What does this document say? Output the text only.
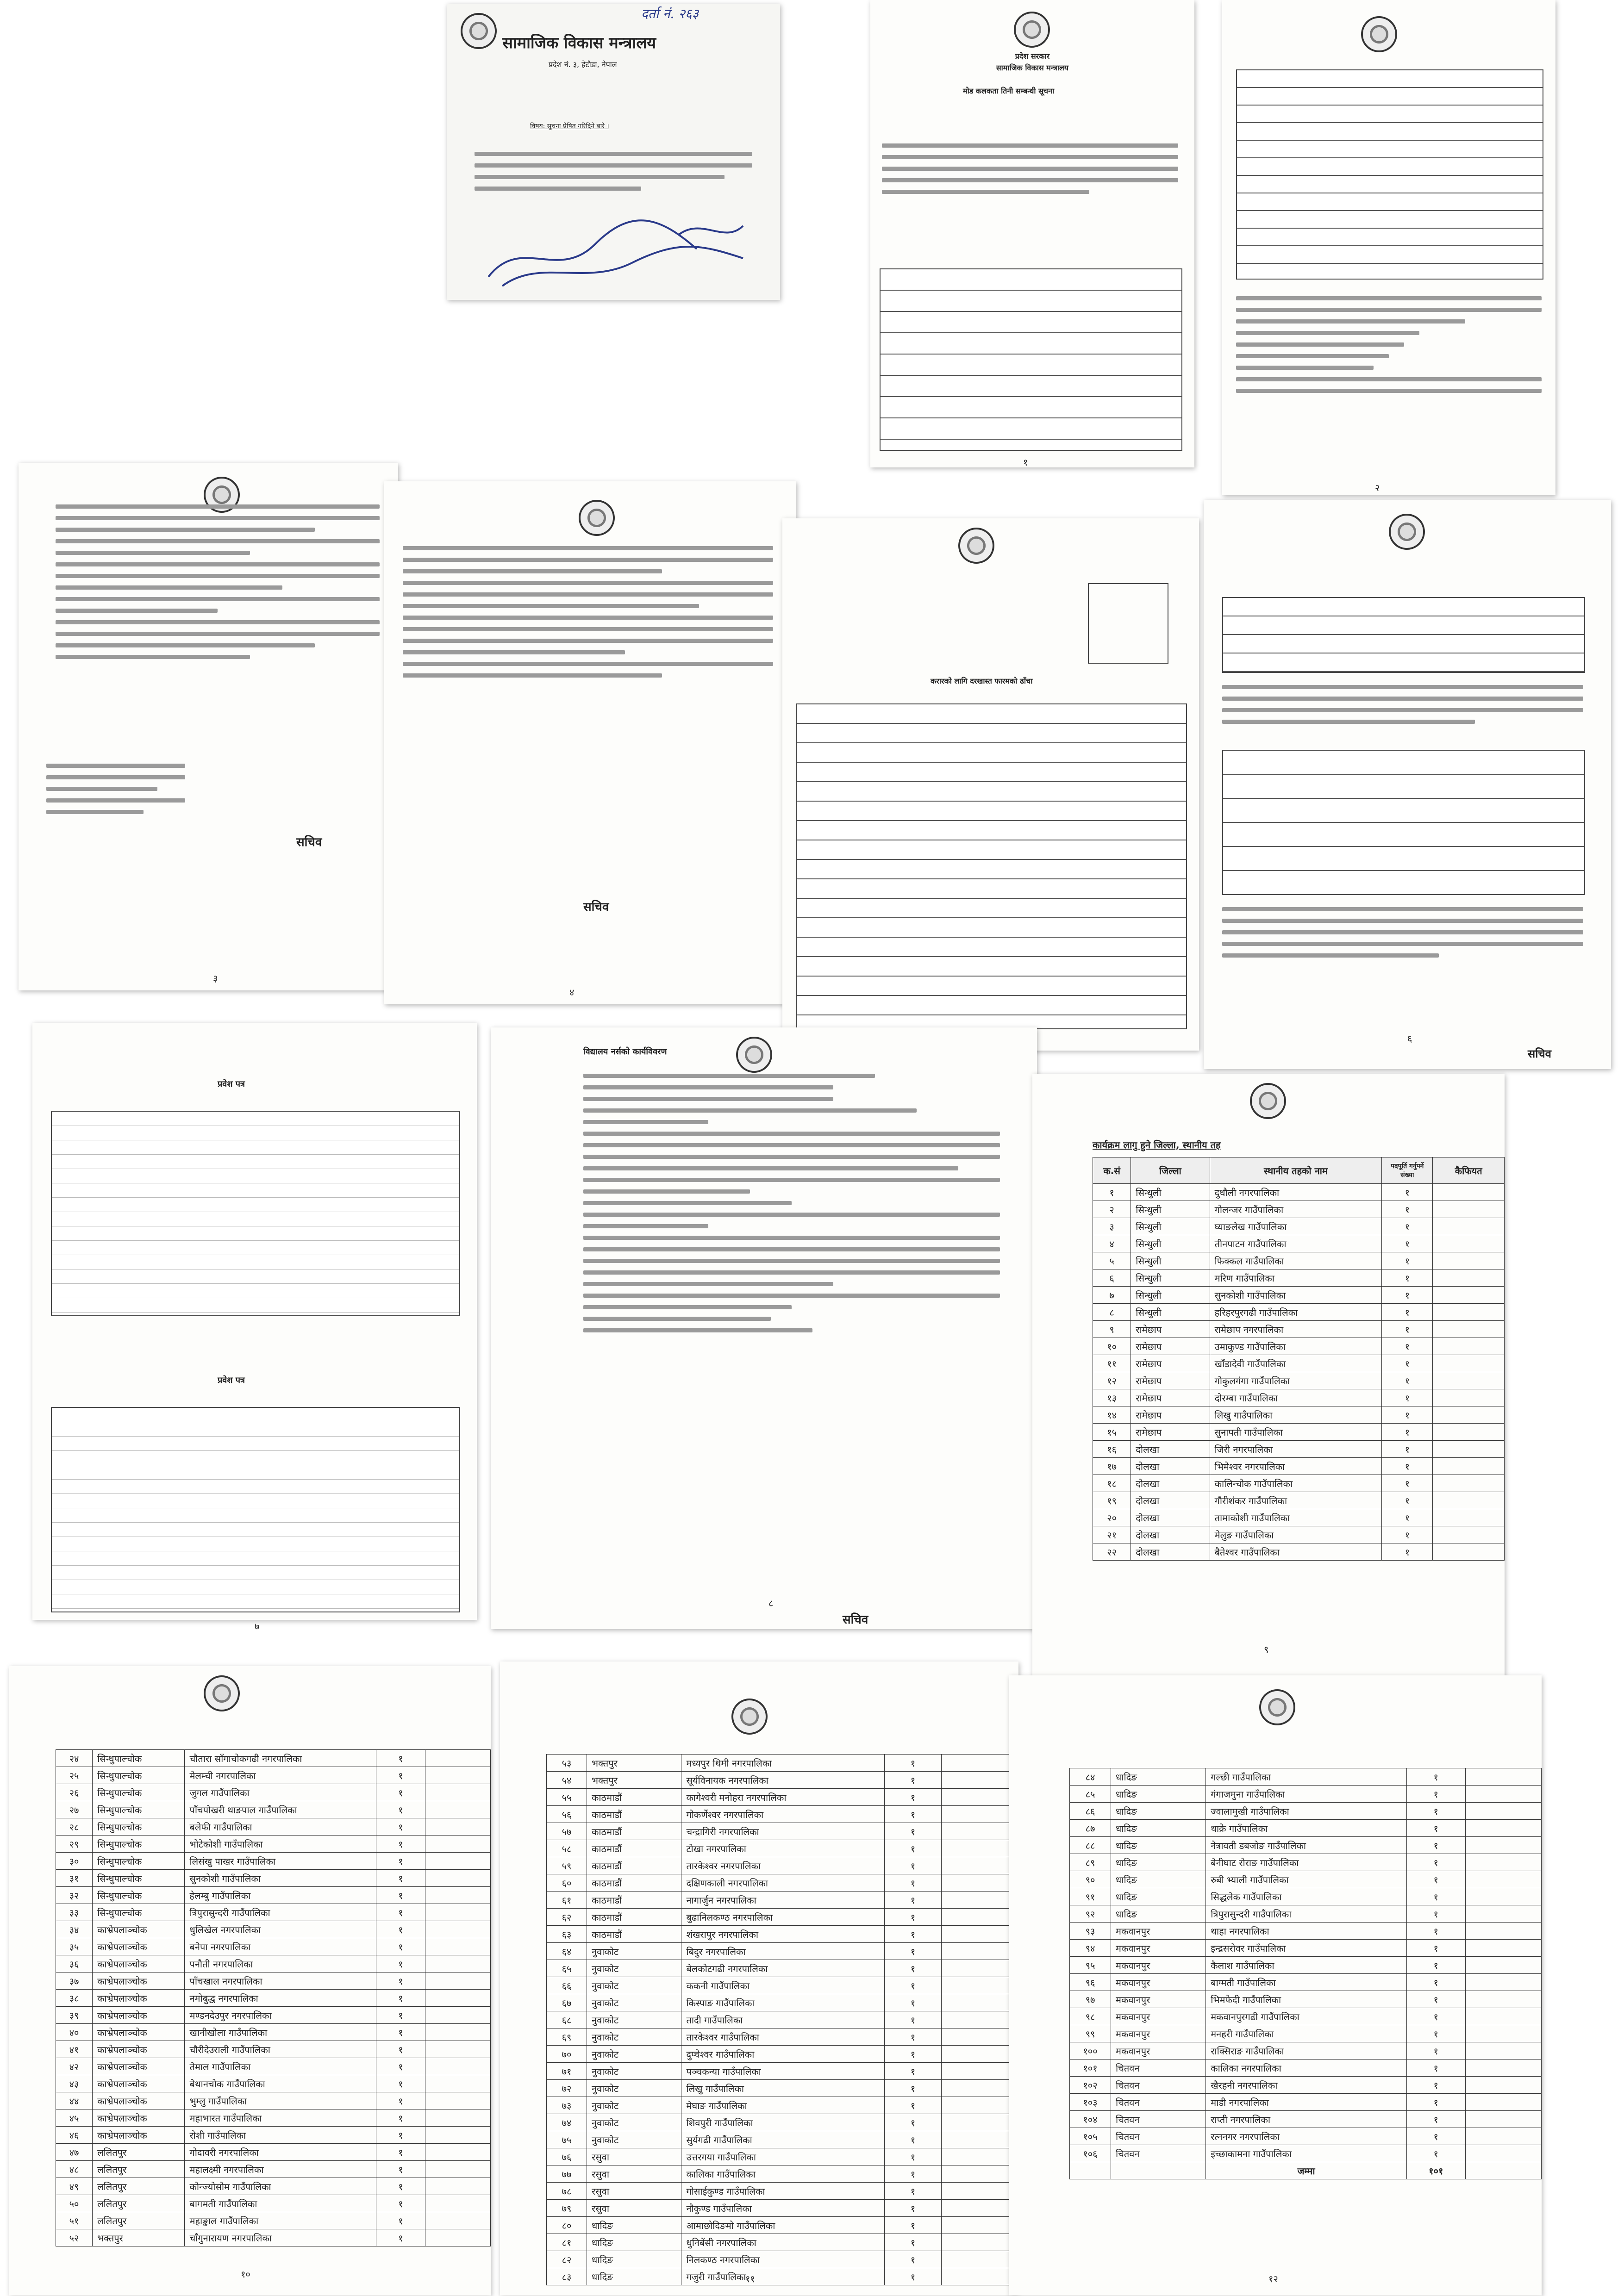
सामाजिक विकास मन्त्रालय
प्रदेश नं. ३, हेटौडा, नेपाल
दर्ता नं. २६३
विषय: सूचना प्रेषित गरिदिने बारे ।
प्रदेश सरकार
सामाजिक विकास मन्त्रालय
मोड कलकता तिनी सम्बन्धी सूचना
१
२
सचिव
३
सचिव
४
करारको लागि दरखास्त फारमको ढाँचा
सचिव
६
प्रवेश पत्र
प्रवेश पत्र
७
विद्यालय नर्सको कार्यविवरण
सचिव
८
कार्यक्रम लागु हुने जिल्ला, स्थानीय तह
क.सं	जिल्ला	स्थानीय तहको नाम	पदपूर्ति गर्नुपर्ने संख्या	कैफियत
१	सिन्धुली	दुधौली नगरपालिका	१	
२	सिन्धुली	गोलन्जर गाउँपालिका	१	
३	सिन्धुली	घ्याङलेख गाउँपालिका	१	
४	सिन्धुली	तीनपाटन गाउँपालिका	१	
५	सिन्धुली	फिक्कल गाउँपालिका	१	
६	सिन्धुली	मरिण गाउँपालिका	१	
७	सिन्धुली	सुनकोशी गाउँपालिका	१	
८	सिन्धुली	हरिहरपुरगढी गाउँपालिका	१	
९	रामेछाप	रामेछाप नगरपालिका	१	
१०	रामेछाप	उमाकुण्ड गाउँपालिका	१	
११	रामेछाप	खाँडादेवी गाउँपालिका	१	
१२	रामेछाप	गोकुलगंगा गाउँपालिका	१	
१३	रामेछाप	दोरम्बा गाउँपालिका	१	
१४	रामेछाप	लिखु गाउँपालिका	१	
१५	रामेछाप	सुनापती गाउँपालिका	१	
१६	दोलखा	जिरी नगरपालिका	१	
१७	दोलखा	भिमेश्वर नगरपालिका	१	
१८	दोलखा	कालिन्चोक गाउँपालिका	१	
१९	दोलखा	गौरीशंकर गाउँपालिका	१	
२०	दोलखा	तामाकोशी गाउँपालिका	१	
२१	दोलखा	मेलुङ गाउँपालिका	१	
२२	दोलखा	बैतेश्वर गाउँपालिका	१	
९
२४	सिन्धुपाल्चोक	चौतारा साँगाचोकगढी नगरपालिका	१	
२५	सिन्धुपाल्चोक	मेलम्ची नगरपालिका	१	
२६	सिन्धुपाल्चोक	जुगल गाउँपालिका	१	
२७	सिन्धुपाल्चोक	पाँचपोखरी थाङपाल गाउँपालिका	१	
२८	सिन्धुपाल्चोक	बलेफी गाउँपालिका	१	
२९	सिन्धुपाल्चोक	भोटेकोशी गाउँपालिका	१	
३०	सिन्धुपाल्चोक	लिसंखु पाखर गाउँपालिका	१	
३१	सिन्धुपाल्चोक	सुनकोशी गाउँपालिका	१	
३२	सिन्धुपाल्चोक	हेलम्बु गाउँपालिका	१	
३३	सिन्धुपाल्चोक	त्रिपुरासुन्दरी गाउँपालिका	१	
३४	काभ्रेपलाञ्चोक	धुलिखेल नगरपालिका	१	
३५	काभ्रेपलाञ्चोक	बनेपा नगरपालिका	१	
३६	काभ्रेपलाञ्चोक	पनौती नगरपालिका	१	
३७	काभ्रेपलाञ्चोक	पाँचखाल नगरपालिका	१	
३८	काभ्रेपलाञ्चोक	नमोबुद्ध नगरपालिका	१	
३९	काभ्रेपलाञ्चोक	मण्डनदेउपुर नगरपालिका	१	
४०	काभ्रेपलाञ्चोक	खानीखोला गाउँपालिका	१	
४१	काभ्रेपलाञ्चोक	चौरीदेउराली गाउँपालिका	१	
४२	काभ्रेपलाञ्चोक	तेमाल गाउँपालिका	१	
४३	काभ्रेपलाञ्चोक	बेथानचोक गाउँपालिका	१	
४४	काभ्रेपलाञ्चोक	भुम्लु गाउँपालिका	१	
४५	काभ्रेपलाञ्चोक	महाभारत गाउँपालिका	१	
४६	काभ्रेपलाञ्चोक	रोशी गाउँपालिका	१	
४७	ललितपुर	गोदावरी नगरपालिका	१	
४८	ललितपुर	महालक्ष्मी नगरपालिका	१	
४९	ललितपुर	कोन्ज्योसोम गाउँपालिका	१	
५०	ललितपुर	बागमती गाउँपालिका	१	
५१	ललितपुर	महाङ्काल गाउँपालिका	१	
५२	भक्तपुर	चाँगुनारायण नगरपालिका	१	
१०
५३	भक्तपुर	मध्यपुर थिमी नगरपालिका	१	
५४	भक्तपुर	सूर्यविनायक नगरपालिका	१	
५५	काठमाडौं	कागेश्वरी मनोहरा नगरपालिका	१	
५६	काठमाडौं	गोकर्णेश्वर नगरपालिका	१	
५७	काठमाडौं	चन्द्रागिरी नगरपालिका	१	
५८	काठमाडौं	टोखा नगरपालिका	१	
५९	काठमाडौं	तारकेश्वर नगरपालिका	१	
६०	काठमाडौं	दक्षिणकाली नगरपालिका	१	
६१	काठमाडौं	नागार्जुन नगरपालिका	१	
६२	काठमाडौं	बुढानिलकण्ठ नगरपालिका	१	
६३	काठमाडौं	शंखरापुर नगरपालिका	१	
६४	नुवाकोट	बिदुर नगरपालिका	१	
६५	नुवाकोट	बेलकोटगढी नगरपालिका	१	
६६	नुवाकोट	ककनी गाउँपालिका	१	
६७	नुवाकोट	किस्पाङ गाउँपालिका	१	
६८	नुवाकोट	तादी गाउँपालिका	१	
६९	नुवाकोट	तारकेश्वर गाउँपालिका	१	
७०	नुवाकोट	दुप्चेश्वर गाउँपालिका	१	
७१	नुवाकोट	पञ्चकन्या गाउँपालिका	१	
७२	नुवाकोट	लिखु गाउँपालिका	१	
७३	नुवाकोट	मेघाङ गाउँपालिका	१	
७४	नुवाकोट	शिवपुरी गाउँपालिका	१	
७५	नुवाकोट	सुर्यगढी गाउँपालिका	१	
७६	रसुवा	उत्तरगया गाउँपालिका	१	
७७	रसुवा	कालिका गाउँपालिका	१	
७८	रसुवा	गोसाईकुण्ड गाउँपालिका	१	
७९	रसुवा	नौकुण्ड गाउँपालिका	१	
८०	धादिङ	आमाछोदिङमो गाउँपालिका	१	
८१	धादिङ	धुनिबेंसी नगरपालिका	१	
८२	धादिङ	निलकण्ठ नगरपालिका	१	
८३	धादिङ	गजुरी गाउँपालिका	१	
११
८४	धादिङ	गल्छी गाउँपालिका	१	
८५	धादिङ	गंगाजमुना गाउँपालिका	१	
८६	धादिङ	ज्वालामुखी गाउँपालिका	१	
८७	धादिङ	थाक्रे गाउँपालिका	१	
८८	धादिङ	नेत्रावती डबजोङ गाउँपालिका	१	
८९	धादिङ	बेनीघाट रोराङ गाउँपालिका	१	
९०	धादिङ	रुबी भ्याली गाउँपालिका	१	
९१	धादिङ	सिद्धलेक गाउँपालिका	१	
९२	धादिङ	त्रिपुरासुन्दरी गाउँपालिका	१	
९३	मकवानपुर	थाहा नगरपालिका	१	
९४	मकवानपुर	इन्द्रसरोवर गाउँपालिका	१	
९५	मकवानपुर	कैलाश गाउँपालिका	१	
९६	मकवानपुर	बाग्मती गाउँपालिका	१	
९७	मकवानपुर	भिमफेदी गाउँपालिका	१	
९८	मकवानपुर	मकवानपुरगढी गाउँपालिका	१	
९९	मकवानपुर	मनहरी गाउँपालिका	१	
१००	मकवानपुर	राक्सिराङ गाउँपालिका	१	
१०१	चितवन	कालिका नगरपालिका	१	
१०२	चितवन	खैरहनी नगरपालिका	१	
१०३	चितवन	माडी नगरपालिका	१	
१०४	चितवन	राप्ती नगरपालिका	१	
१०५	चितवन	रत्ननगर नगरपालिका	१	
१०६	चितवन	इच्छाकामना गाउँपालिका	१	
		जम्मा	१०१	
१२
